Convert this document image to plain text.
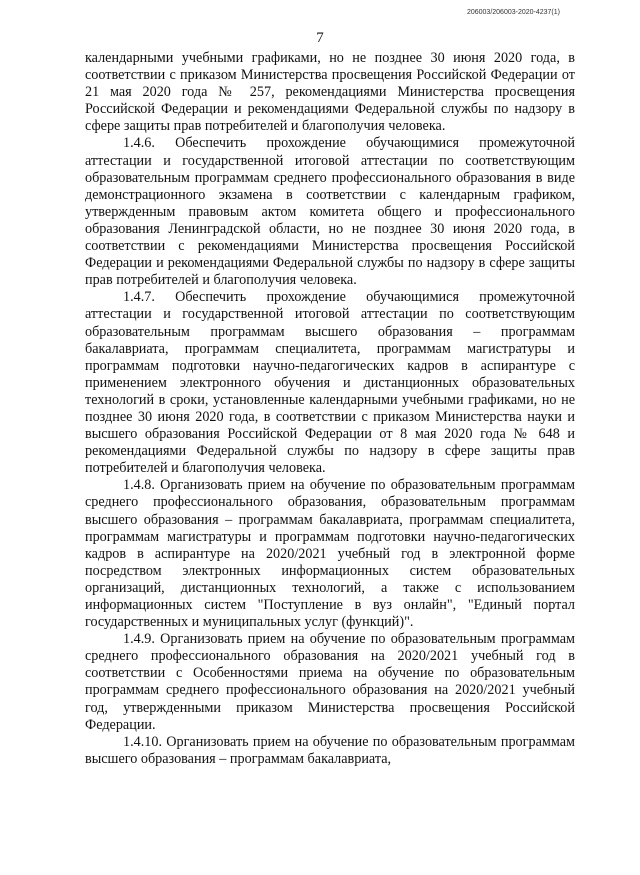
206003/206003-2020-4237(1)
7

календарными учебными графиками, но не позднее 30 июня 2020 года, в соответствии с приказом Министерства просвещения Российской Федерации от 21 мая 2020 года № 257, рекомендациями Министерства просвещения Российской Федерации и рекомендациями Федеральной службы по надзору в сфере защиты прав потребителей и благополучия человека.

1.4.6. Обеспечить прохождение обучающимися промежуточной аттестации и государственной итоговой аттестации по соответствующим образовательным программам среднего профессионального образования в виде демонстрационного экзамена в соответствии с календарным графиком, утвержденным правовым актом комитета общего и профессионального образования Ленинградской области, но не позднее 30 июня 2020 года, в соответствии с рекомендациями Министерства просвещения Российской Федерации и рекомендациями Федеральной службы по надзору в сфере защиты прав потребителей и благополучия человека.

1.4.7. Обеспечить прохождение обучающимися промежуточной аттестации и государственной итоговой аттестации по соответствующим образовательным программам высшего образования – программам бакалавриата, программам специалитета, программам магистратуры и программам подготовки научно-педагогических кадров в аспирантуре с применением электронного обучения и дистанционных образовательных технологий в сроки, установленные календарными учебными графиками, но не позднее 30 июня 2020 года, в соответствии с приказом Министерства науки и высшего образования Российской Федерации от 8 мая 2020 года № 648 и рекомендациями Федеральной службы по надзору в сфере защиты прав потребителей и благополучия человека.

1.4.8. Организовать прием на обучение по образовательным программам среднего профессионального образования, образовательным программам высшего образования – программам бакалавриата, программам специалитета, программам магистратуры и программам подготовки научно-педагогических кадров в аспирантуре на 2020/2021 учебный год в электронной форме посредством электронных информационных систем образовательных организаций, дистанционных технологий, а также с использованием информационных систем "Поступление в вуз онлайн", "Единый портал государственных и муниципальных услуг (функций)".

1.4.9. Организовать прием на обучение по образовательным программам среднего профессионального образования на 2020/2021 учебный год в соответствии с Особенностями приема на обучение по образовательным программам среднего профессионального образования на 2020/2021 учебный год, утвержденными приказом Министерства просвещения Российской Федерации.

1.4.10. Организовать прием на обучение по образовательным программам высшего образования – программам бакалавриата,
